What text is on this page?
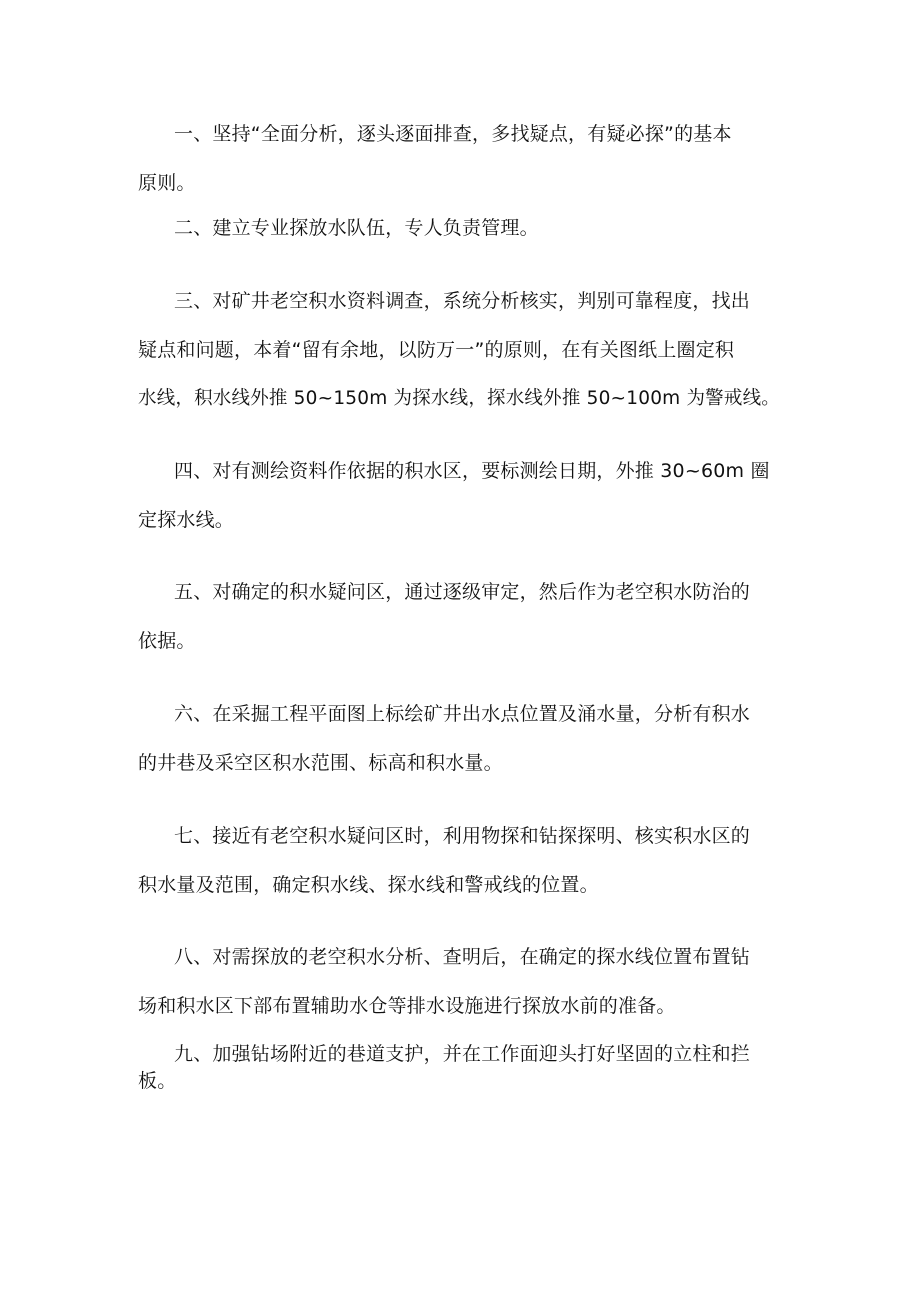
一、坚持“全面分析，逐头逐面排查，多找疑点，有疑必探”的基本
原则。
二、建立专业探放水队伍，专人负责管理。
三、对矿井老空积水资料调查，系统分析核实，判别可靠程度，找出
疑点和问题，本着“留有余地，以防万一”的原则，在有关图纸上圈定积
水线，积水线外推 50~150m 为探水线，探水线外推 50~100m 为警戒线。
四、对有测绘资料作依据的积水区，要标测绘日期，外推 30~60m 圈
定探水线。
五、对确定的积水疑问区，通过逐级审定，然后作为老空积水防治的
依据。
六、在采掘工程平面图上标绘矿井出水点位置及涌水量，分析有积水
的井巷及采空区积水范围、标高和积水量。
七、接近有老空积水疑问区时，利用物探和钻探探明、核实积水区的
积水量及范围，确定积水线、探水线和警戒线的位置。
八、对需探放的老空积水分析、查明后，在确定的探水线位置布置钻
场和积水区下部布置辅助水仓等排水设施进行探放水前的准备。
九、加强钻场附近的巷道支护，并在工作面迎头打好坚固的立柱和拦
板。
